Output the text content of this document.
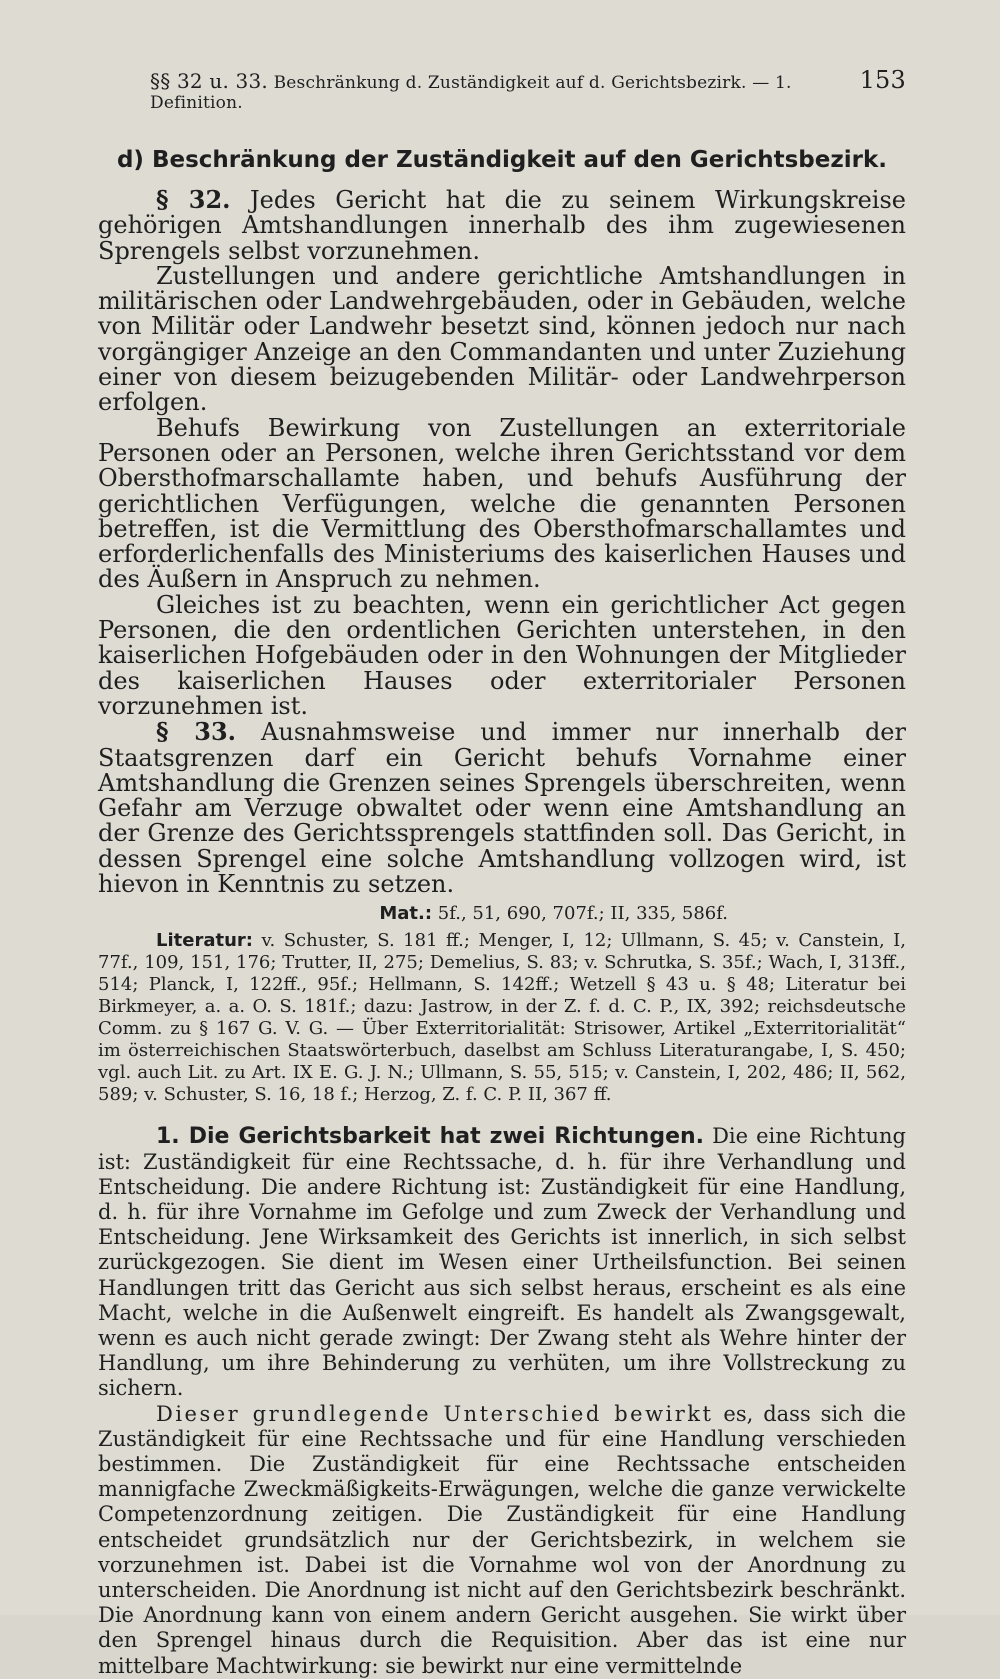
§§ 32 u. 33. Beschränkung d. Zuständigkeit auf d. Gerichtsbezirk. — 1. Definition.
153
d) Beschränkung der Zuständigkeit auf den Gerichtsbezirk.

§ 32. Jedes Gericht hat die zu seinem Wirkungskreise gehörigen Amtshandlungen innerhalb des ihm zugewiesenen Sprengels selbst vorzunehmen.

Zustellungen und andere gerichtliche Amtshandlungen in militärischen oder Landwehrgebäuden, oder in Gebäuden, welche von Militär oder Landwehr besetzt sind, können jedoch nur nach vorgängiger Anzeige an den Commandanten und unter Zuziehung einer von diesem beizugebenden Militär- oder Landwehrperson erfolgen.

Behufs Bewirkung von Zustellungen an exterritoriale Personen oder an Personen, welche ihren Gerichtsstand vor dem Obersthofmarschallamte haben, und behufs Ausführung der gerichtlichen Verfügungen, welche die genannten Personen betreffen, ist die Vermittlung des Obersthofmarschallamtes und erforderlichenfalls des Ministeriums des kaiserlichen Hauses und des Äußern in Anspruch zu nehmen.

Gleiches ist zu beachten, wenn ein gerichtlicher Act gegen Personen, die den ordentlichen Gerichten unterstehen, in den kaiserlichen Hofgebäuden oder in den Wohnungen der Mitglieder des kaiserlichen Hauses oder exterritorialer Personen vorzunehmen ist.

§ 33. Ausnahmsweise und immer nur innerhalb der Staatsgrenzen darf ein Gericht behufs Vornahme einer Amtshandlung die Grenzen seines Sprengels überschreiten, wenn Gefahr am Verzuge obwaltet oder wenn eine Amtshandlung an der Grenze des Gerichtssprengels stattfinden soll. Das Gericht, in dessen Sprengel eine solche Amtshandlung vollzogen wird, ist hievon in Kenntnis zu setzen.

Mat.: 5f., 51, 690, 707f.; II, 335, 586f.

Literatur: v. Schuster, S. 181 ff.; Menger, I, 12; Ullmann, S. 45; v. Canstein, I, 77f., 109, 151, 176; Trutter, II, 275; Demelius, S. 83; v. Schrutka, S. 35f.; Wach, I, 313ff., 514; Planck, I, 122ff., 95f.; Hellmann, S. 142ff.; Wetzell § 43 u. § 48; Literatur bei Birkmeyer, a. a. O. S. 181f.; dazu: Jastrow, in der Z. f. d. C. P., IX, 392; reichsdeutsche Comm. zu § 167 G. V. G. — Über Exterritorialität: Strisower, Artikel „Exterritorialität“ im österreichischen Staatswörterbuch, daselbst am Schluss Literaturangabe, I, S. 450; vgl. auch Lit. zu Art. IX E. G. J. N.; Ullmann, S. 55, 515; v. Canstein, I, 202, 486; II, 562, 589; v. Schuster, S. 16, 18 f.; Herzog, Z. f. C. P. II, 367 ff.

1. Die Gerichtsbarkeit hat zwei Richtungen. Die eine Richtung ist: Zuständigkeit für eine Rechtssache, d. h. für ihre Verhandlung und Entscheidung. Die andere Richtung ist: Zuständigkeit für eine Handlung, d. h. für ihre Vornahme im Gefolge und zum Zweck der Verhandlung und Entscheidung. Jene Wirksamkeit des Gerichts ist innerlich, in sich selbst zurückgezogen. Sie dient im Wesen einer Urtheilsfunction. Bei seinen Handlungen tritt das Gericht aus sich selbst heraus, erscheint es als eine Macht, welche in die Außenwelt eingreift. Es handelt als Zwangsgewalt, wenn es auch nicht gerade zwingt: Der Zwang steht als Wehre hinter der Handlung, um ihre Behinderung zu verhüten, um ihre Vollstreckung zu sichern.

Dieser grundlegende Unterschied bewirkt es, dass sich die Zuständigkeit für eine Rechtssache und für eine Handlung verschieden bestimmen. Die Zuständigkeit für eine Rechtssache entscheiden mannigfache Zweckmäßigkeits-Erwägungen, welche die ganze verwickelte Competenzordnung zeitigen. Die Zuständigkeit für eine Handlung entscheidet grundsätzlich nur der Gerichtsbezirk, in welchem sie vorzunehmen ist. Dabei ist die Vornahme wol von der Anordnung zu unterscheiden. Die Anordnung ist nicht auf den Gerichtsbezirk beschränkt. Die Anordnung kann von einem andern Gericht ausgehen. Sie wirkt über den Sprengel hinaus durch die Requisition. Aber das ist eine nur mittelbare Machtwirkung: sie bewirkt nur eine vermittelnde
